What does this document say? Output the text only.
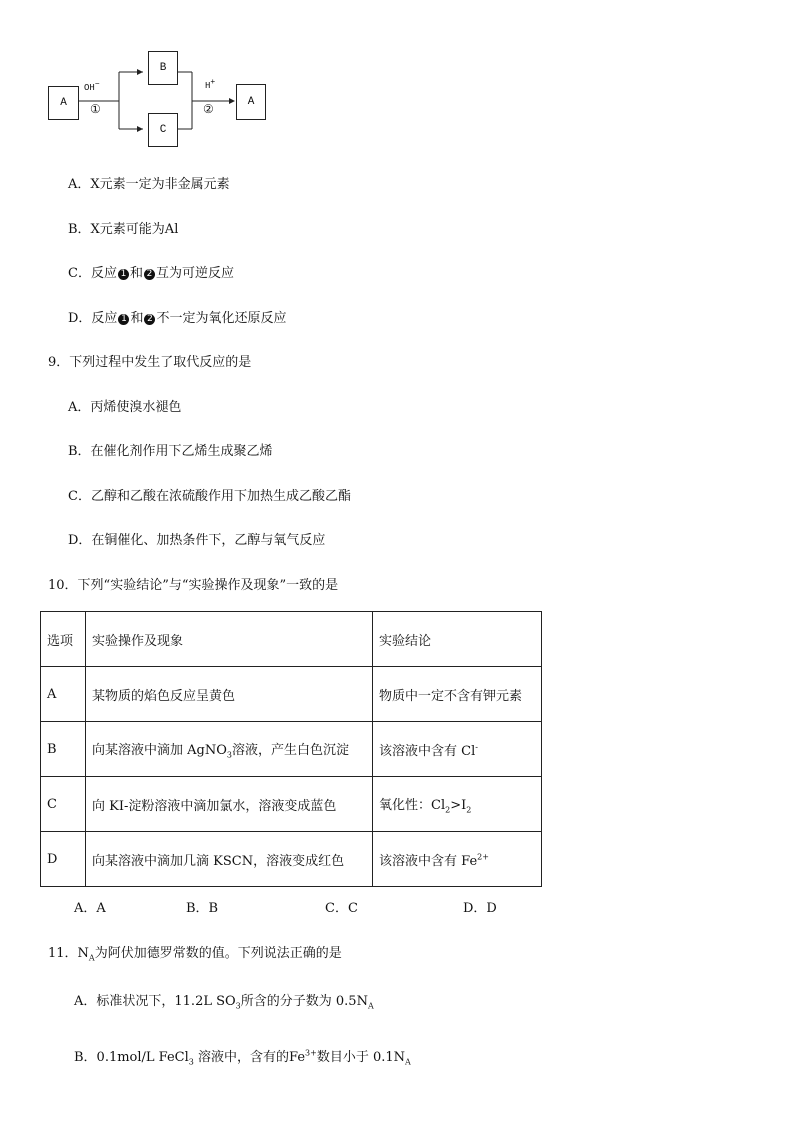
A
B
C
A
OH−
①
H+
②
A．X元素一定为非金属元素
B．X元素可能为Al
C．反应 1 和 2 互为可逆反应
D．反应 1 和 2 不一定为氧化还原反应
9．下列过程中发生了取代反应的是
A．丙烯使溴水褪色
B．在催化剂作用下乙烯生成聚乙烯
C．乙醇和乙酸在浓硫酸作用下加热生成乙酸乙酯
D．在铜催化、加热条件下，乙醇与氧气反应
10．下列“实验结论”与“实验操作及现象”一致的是
选项	实验操作及现象	实验结论
A	某物质的焰色反应呈黄色	物质中一定不含有钾元素
B	向某溶液中滴加 AgNO$_3$溶液，产生白色沉淀	该溶液中含有 Cl-
C	向 KI-淀粉溶液中滴加氯水，溶液变成蓝色	氧化性：$Cl_2>I_2$
D	向某溶液中滴加几滴 KSCN，溶液变成红色	该溶液中含有 $Fe^{2+}$
A．A	B．B	C．C	D．D
11．$N_A$为阿伏加德罗常数的值。下列说法正确的是
A．标准状况下，11.2L $SO_3$所含的分子数为 $0.5N_A$
B．0.1mol/L FeCl$_3$ 溶液中，含有的$Fe^{3+}$数目小于 $0.1N_A$
